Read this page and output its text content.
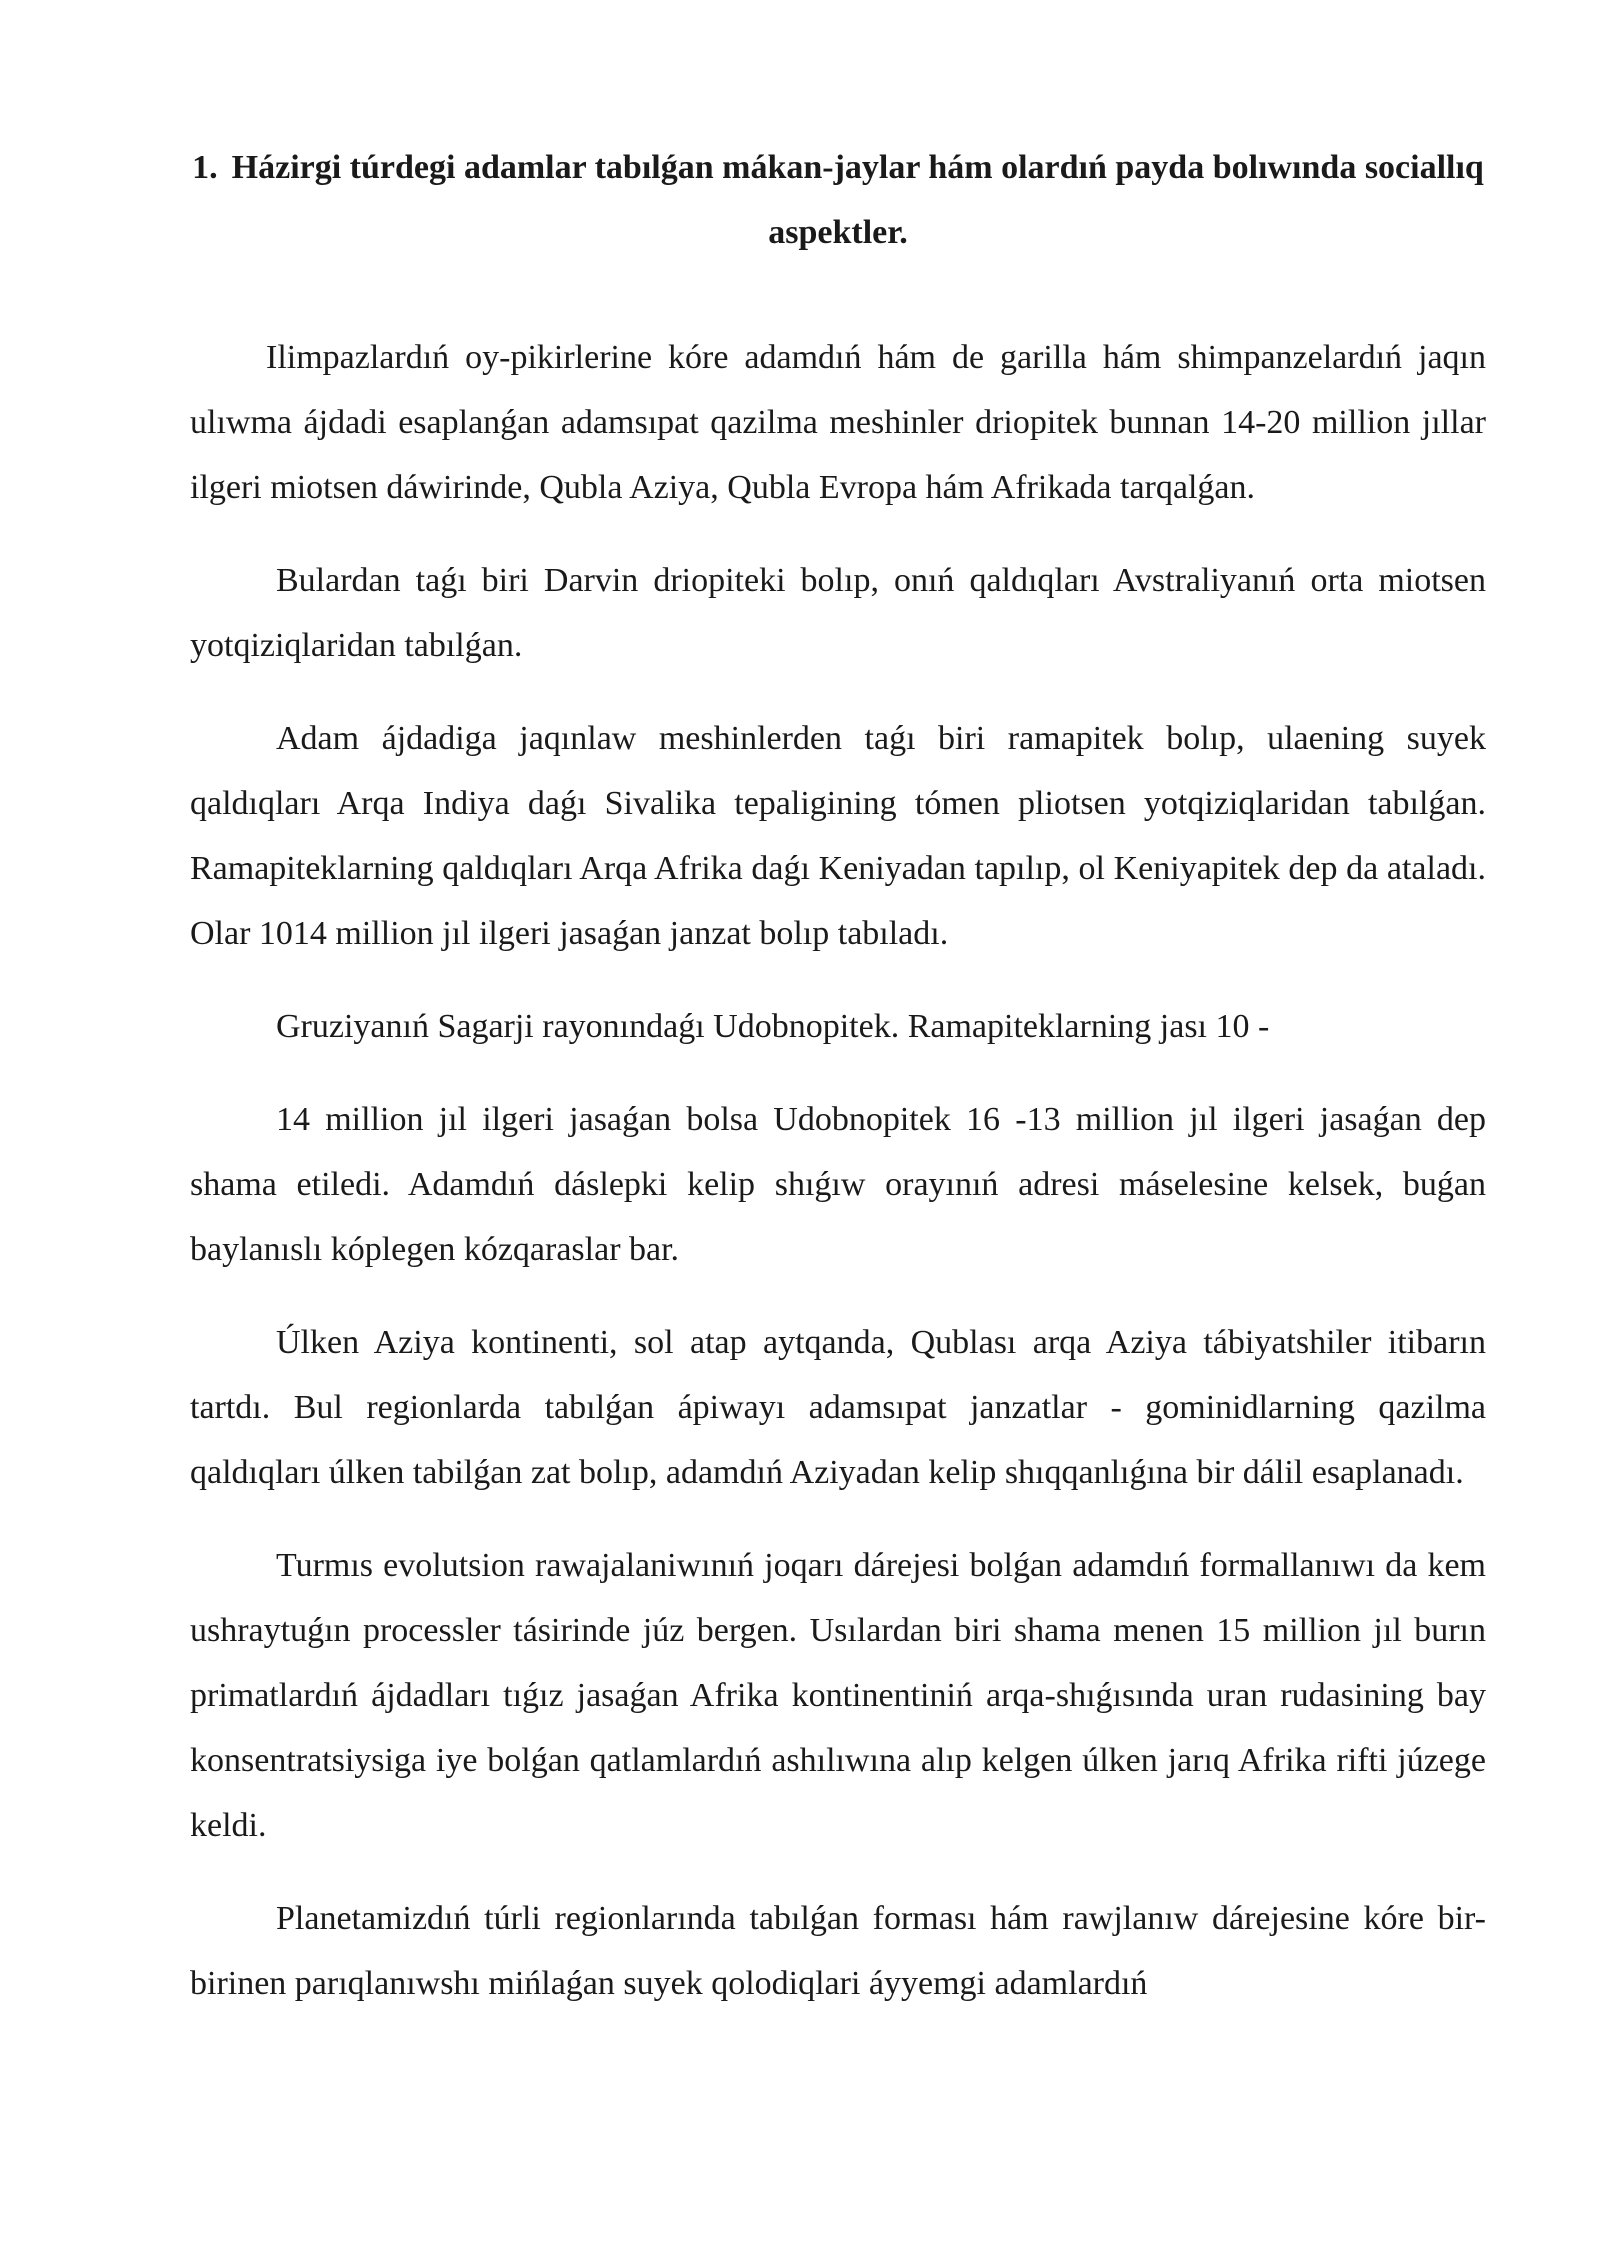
1. Házirgi túrdegi adamlar tabılǵan mákan-jaylar hám olardıń payda bolıwında sociallıq aspektler.

Ilimpazlardıń oy-pikirlerine kóre adamdıń hám de garilla hám shimpanzelardıń jaqın ulıwma ájdadi esaplanǵan adamsıpat qazilma meshinler driopitek bunnan 14-20 million jıllar ilgeri miotsen dáwirinde, Qubla Aziya, Qubla Evropa hám Afrikada tarqalǵan.

Bulardan taǵı biri Darvin driopiteki bolıp, onıń qaldıqları Avstraliyanıń orta miotsen yotqiziqlaridan tabılǵan.

Adam ájdadiga jaqınlaw meshinlerden taǵı biri ramapitek bolıp, ulaening suyek qaldıqları Arqa Indiya daǵı Sivalika tepaligining tómen pliotsen yotqiziqlaridan tabılǵan. Ramapiteklarning qaldıqları Arqa Afrika daǵı Keniyadan tapılıp, ol Keniyapitek dep da ataladı. Olar 1014 million jıl ilgeri jasaǵan janzat bolıp tabıladı.

Gruziyanıń Sagarji rayonındaǵı Udobnopitek. Ramapiteklarning jası 10 -

14 million jıl ilgeri jasaǵan bolsa Udobnopitek 16 -13 million jıl ilgeri jasaǵan dep shama etiledi. Adamdıń dáslepki kelip shıǵıw orayınıń adresi máselesine kelsek, buǵan baylanıslı kóplegen kózqaraslar bar.

Úlken Aziya kontinenti, sol atap aytqanda, Qublası arqa Aziya tábiyatshiler itibarın tartdı. Bul regionlarda tabılǵan ápiwayı adamsıpat janzatlar - gominidlarning qazilma qaldıqları úlken tabilǵan zat bolıp, adamdıń Aziyadan kelip shıqqanlıǵına bir dálil esaplanadı.

Turmıs evolutsion rawajalaniwınıń joqarı dárejesi bolǵan adamdıń formallanıwı da kem ushraytuǵın processler tásirinde júz bergen. Usılardan biri shama menen 15 million jıl burın primatlardıń ájdadları tıǵız jasaǵan Afrika kontinentiniń arqa-shıǵısında uran rudasining bay konsentratsiysiga iye bolǵan qatlamlardıń ashılıwına alıp kelgen úlken jarıq Afrika rifti júzege keldi.

Planetamizdıń túrli regionlarında tabılǵan forması hám rawjlanıw dárejesine kóre bir-birinen parıqlanıwshı mińlaǵan suyek qolodiqlari áyyemgi adamlardıń
